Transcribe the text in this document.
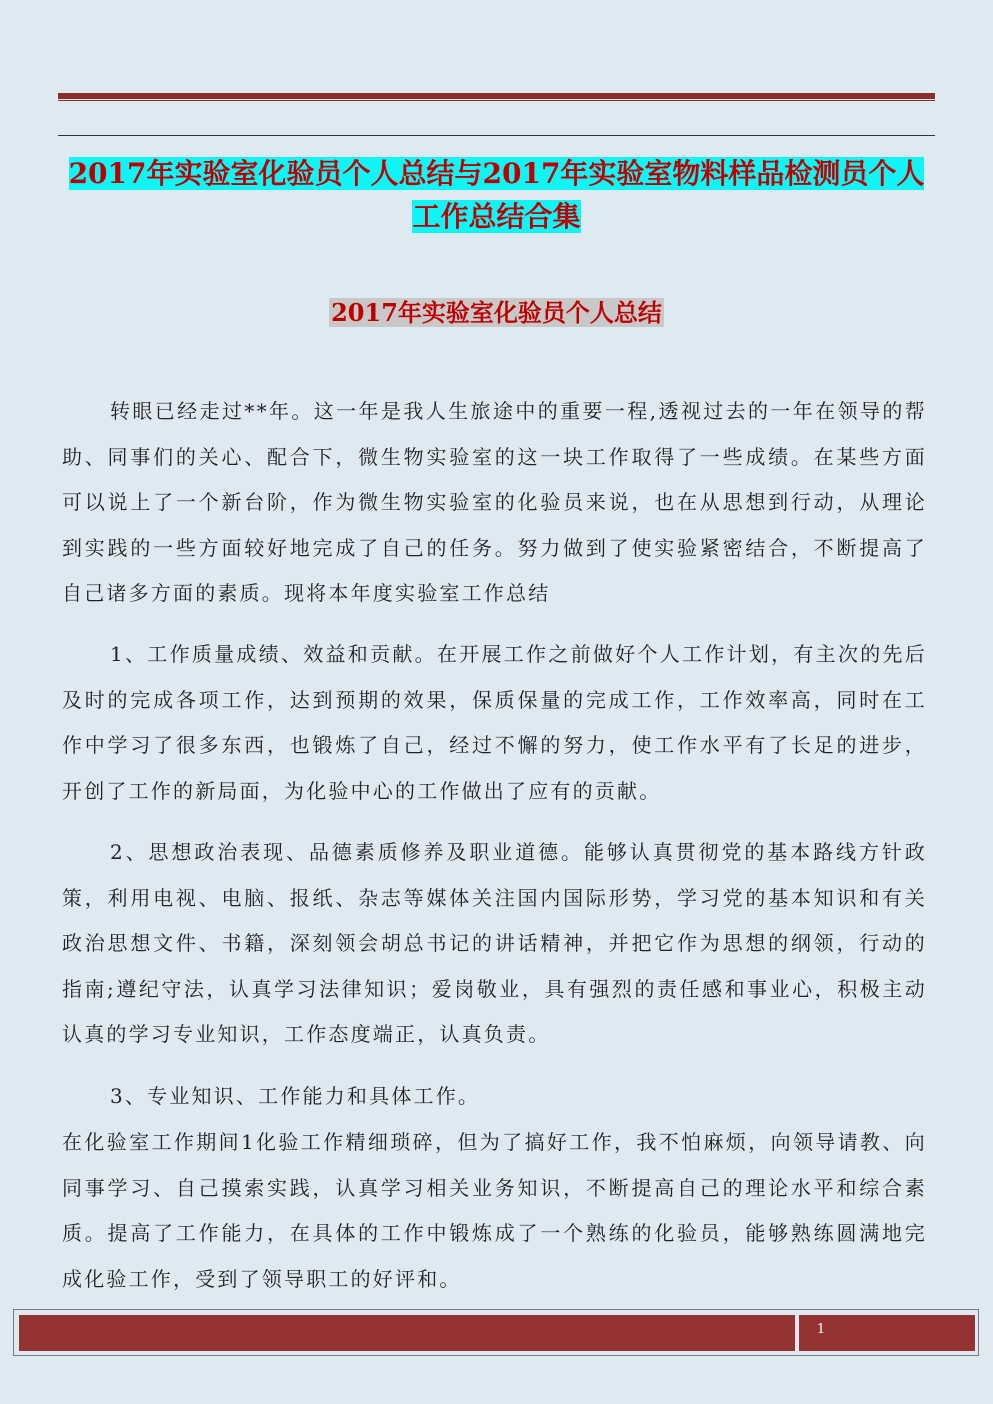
2017年实验室化验员个人总结与2017年实验室物料样品检测员个人工作总结合集
2017年实验室化验员个人总结

转眼已经走过**年。这一年是我人生旅途中的重要一程,透视过去的一年在领导的帮助、同事们的关心、配合下，微生物实验室的这一块工作取得了一些成绩。在某些方面可以说上了一个新台阶，作为微生物实验室的化验员来说，也在从思想到行动，从理论到实践的一些方面较好地完成了自己的任务。努力做到了使实验紧密结合，不断提高了自己诸多方面的素质。现将本年度实验室工作总结

1、工作质量成绩、效益和贡献。在开展工作之前做好个人工作计划，有主次的先后及时的完成各项工作，达到预期的效果，保质保量的完成工作，工作效率高，同时在工作中学习了很多东西，也锻炼了自己，经过不懈的努力，使工作水平有了长足的进步，开创了工作的新局面，为化验中心的工作做出了应有的贡献。

2、思想政治表现、品德素质修养及职业道德。能够认真贯彻党的基本路线方针政策，利用电视、电脑、报纸、杂志等媒体关注国内国际形势，学习党的基本知识和有关政治思想文件、书籍，深刻领会胡总书记的讲话精神，并把它作为思想的纲领，行动的指南;遵纪守法，认真学习法律知识；爱岗敬业，具有强烈的责任感和事业心，积极主动认真的学习专业知识，工作态度端正，认真负责。

3、专业知识、工作能力和具体工作。

在化验室工作期间1化验工作精细琐碎，但为了搞好工作，我不怕麻烦，向领导请教、向同事学习、自己摸索实践，认真学习相关业务知识，不断提高自己的理论水平和综合素质。提高了工作能力，在具体的工作中锻炼成了一个熟练的化验员，能够熟练圆满地完成化验工作，受到了领导职工的好评和。

1
